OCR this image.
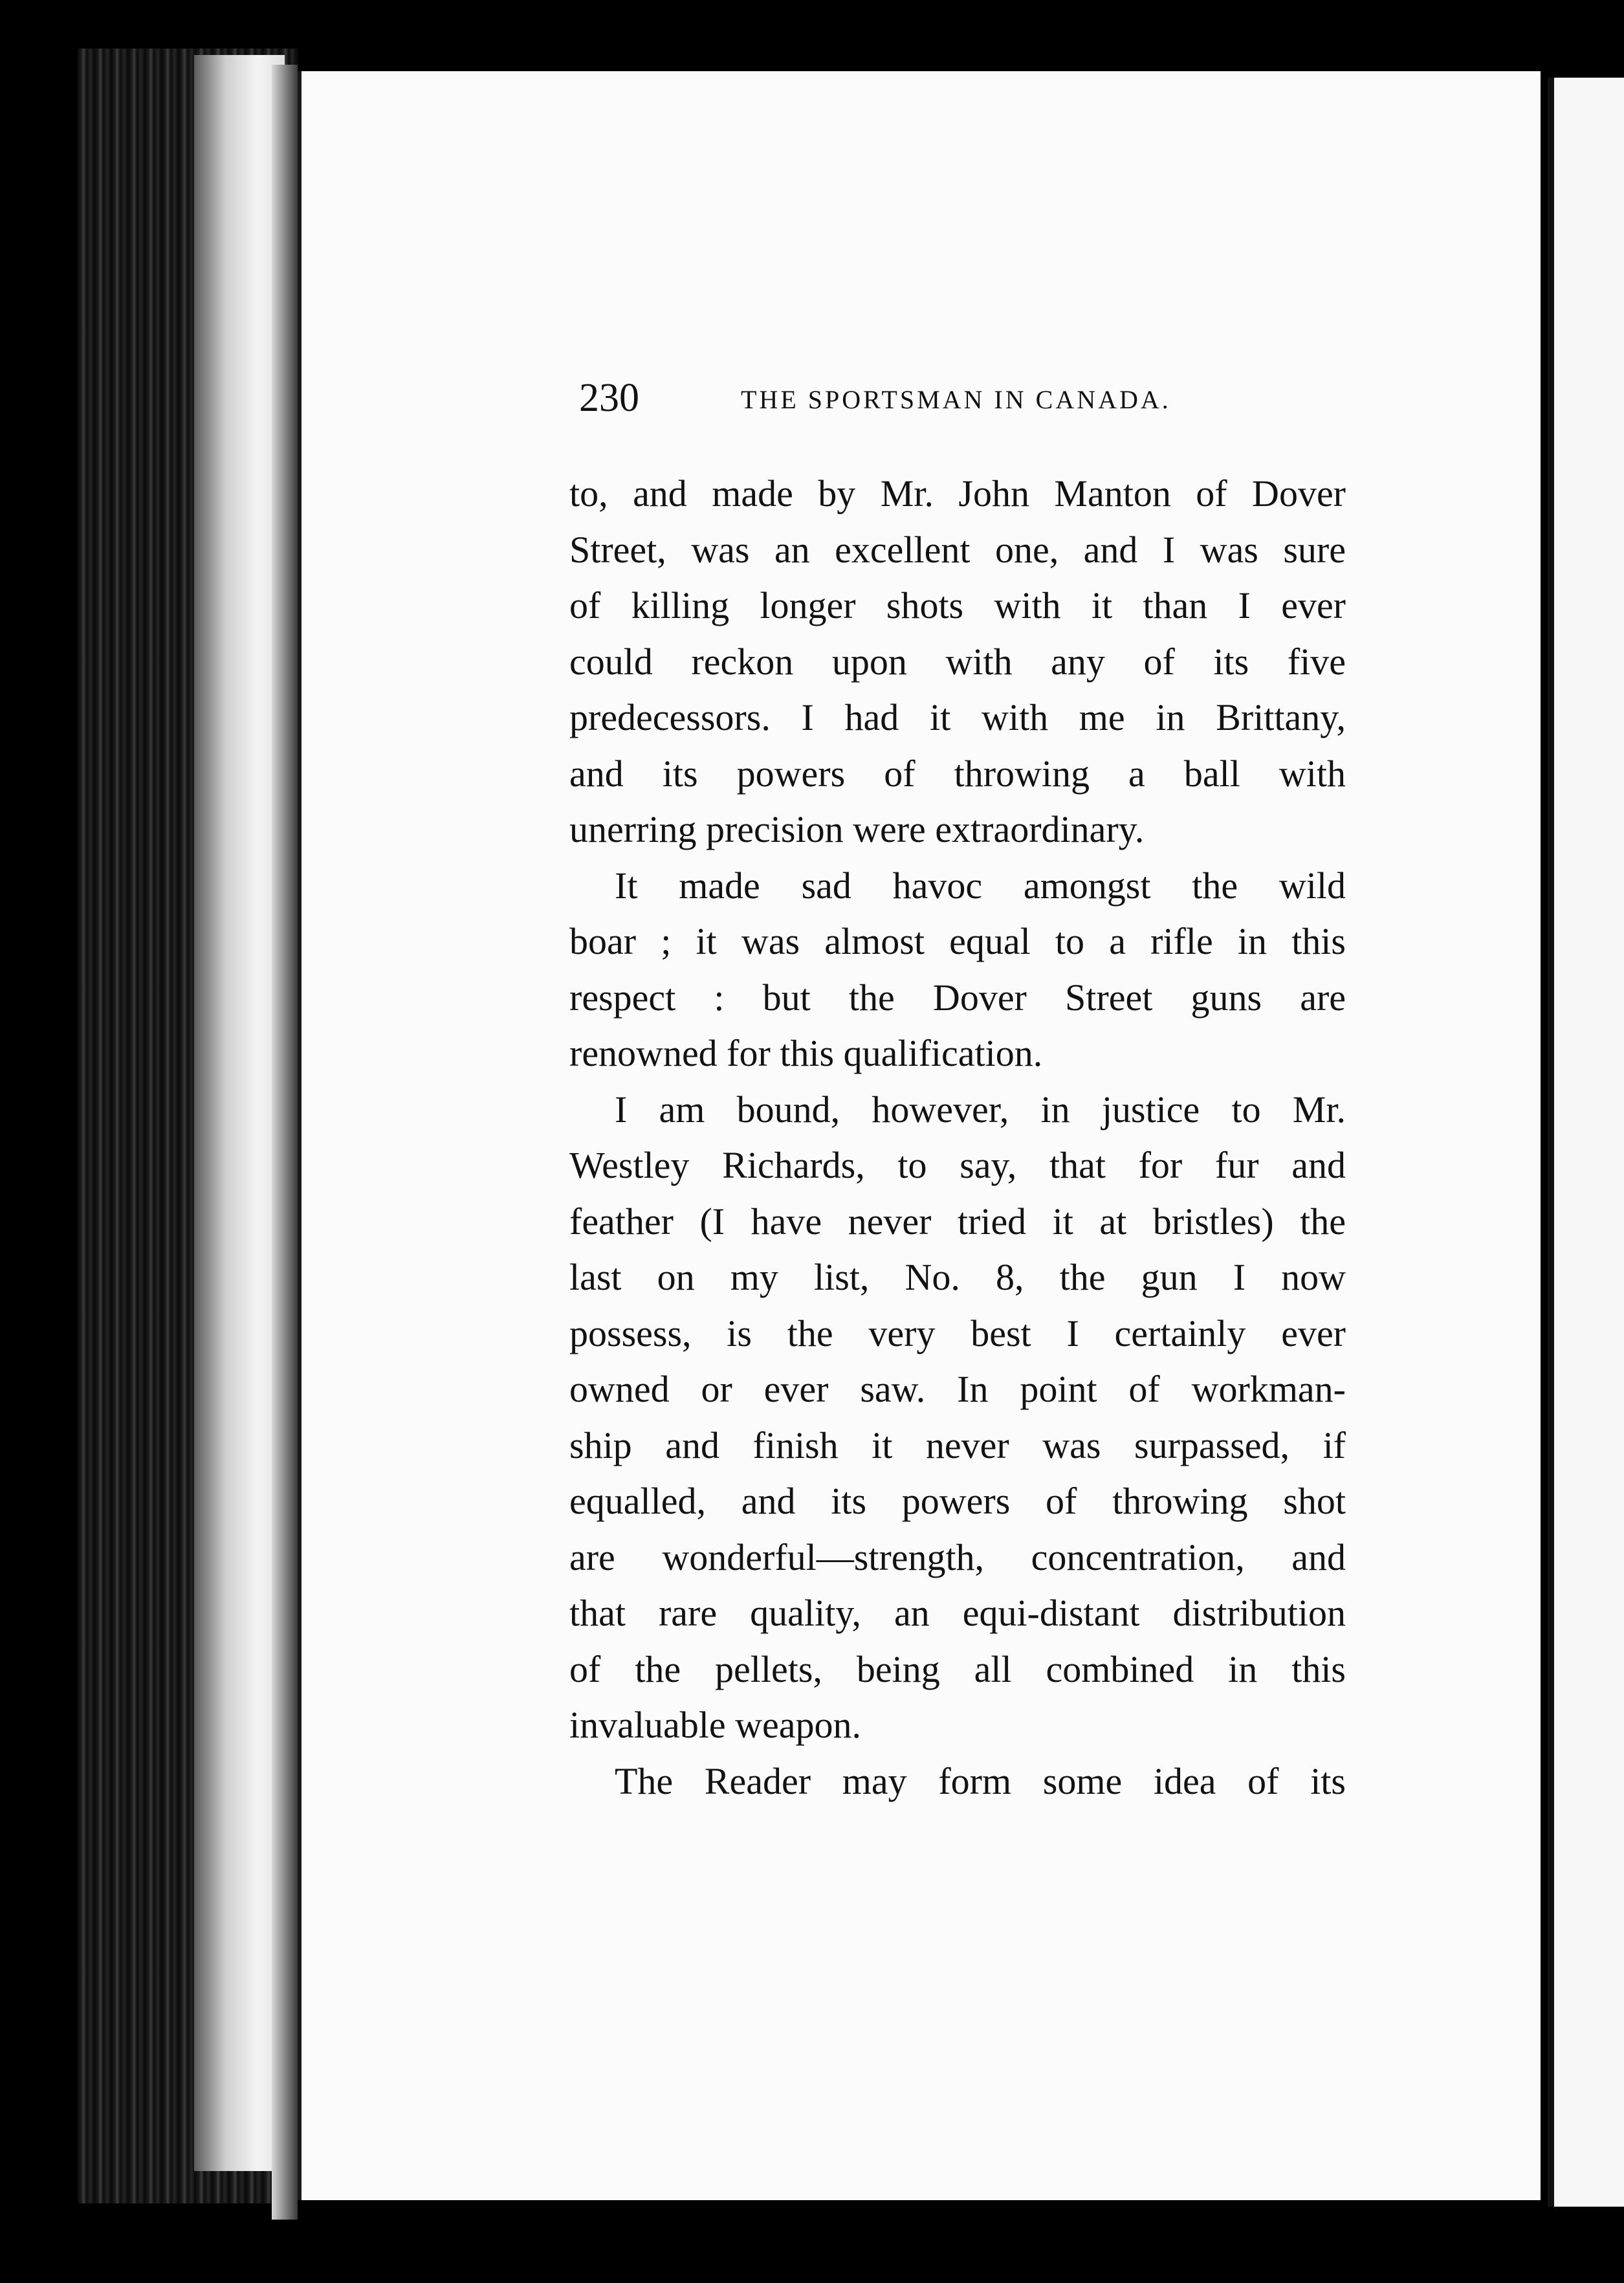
230	THE SPORTSMAN IN CANADA.
to, and made by Mr. John Manton of Dover
Street, was an excellent one, and I was sure
of killing longer shots with it than I ever
could reckon upon with any of its five
predecessors. I had it with me in Brittany,
and its powers of throwing a ball with
unerring precision were extraordinary.
It made sad havoc amongst the wild
boar ; it was almost equal to a rifle in this
respect : but the Dover Street guns are
renowned for this qualification.
I am bound, however, in justice to Mr.
Westley Richards, to say, that for fur and
feather (I have never tried it at bristles) the
last on my list, No. 8, the gun I now
possess, is the very best I certainly ever
owned or ever saw. In point of workman-
ship and finish it never was surpassed, if
equalled, and its powers of throwing shot
are wonderful—strength, concentration, and
that rare quality, an equi-distant distribution
of the pellets, being all combined in this
invaluable weapon.
The Reader may form some idea of its
